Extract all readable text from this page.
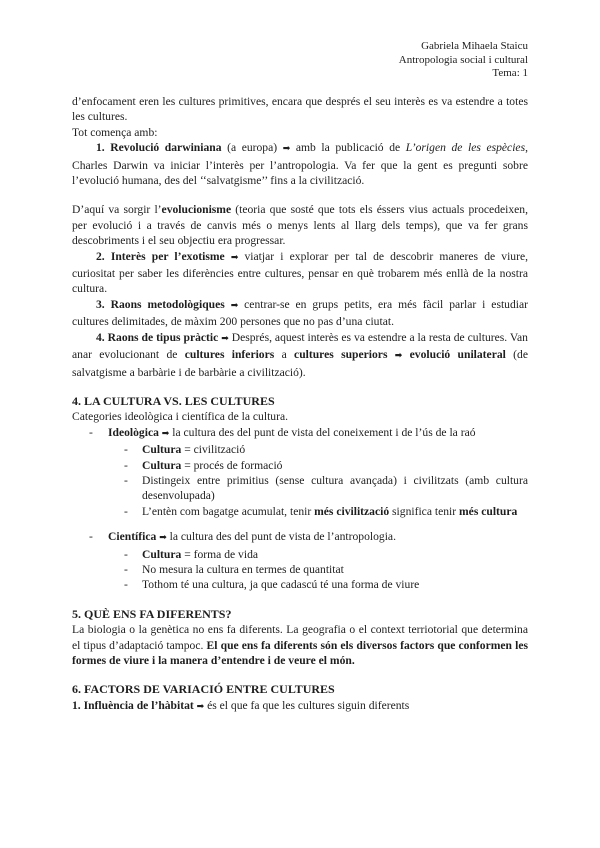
Gabriela Mihaela Staicu
Antropologia social i cultural
Tema: 1

d’enfocament eren les cultures primitives, encara que després el seu interès es va estendre a totes les cultures.

Tot comença amb:

1. Revolució darwiniana (a europa) ➡ amb la publicació de L’origen de les espècies, Charles Darwin va iniciar l’interès per l’antropologia. Va fer que la gent es pregunti sobre l’evolució humana, des del ‘‘salvatgisme’’ fins a la civilització.

D’aquí va sorgir l’evolucionisme (teoria que sosté que tots els éssers vius actuals procedeixen, per evolució i a través de canvis més o menys lents al llarg dels temps), que va fer grans descobriments i el seu objectiu era progressar.

2. Interès per l’exotisme ➡ viatjar i explorar per tal de descobrir maneres de viure, curiositat per saber les diferències entre cultures, pensar en què trobarem més enllà de la nostra cultura.

3. Raons metodològiques ➡ centrar-se en grups petits, era més fàcil parlar i estudiar cultures delimitades, de màxim 200 persones que no pas d’una ciutat.

4. Raons de tipus pràctic ➡ Després, aquest interès es va estendre a la resta de cultures. Van anar evolucionant de cultures inferiors a cultures superiors ➡ evolució unilateral (de salvatgisme a barbàrie i de barbàrie a civilització).

4. LA CULTURA VS. LES CULTURES

Categories ideològica i científica de la cultura.

- Ideològica ➡ la cultura des del punt de vista del coneixement i de l’ús de la raó
- Cultura = civilització
- Cultura = procés de formació
- Distingeix entre primitius (sense cultura avançada) i civilitzats (amb cultura desenvolupada)
- L’entèn com bagatge acumulat, tenir més civilització significa tenir més cultura
- Científica ➡ la cultura des del punt de vista de l’antropologia.
- Cultura = forma de vida
- No mesura la cultura en termes de quantitat
- Tothom té una cultura, ja que cadascú té una forma de viure
5. QUÈ ENS FA DIFERENTS?

La biologia o la genètica no ens fa diferents. La geografia o el context terriotorial que determina el tipus d’adaptació tampoc. El que ens fa diferents són els diversos factors que conformen les formes de viure i la manera d’entendre i de veure el món.

6. FACTORS DE VARIACIÓ ENTRE CULTURES

1. Influència de l’hàbitat ➡ és el que fa que les cultures siguin diferents
